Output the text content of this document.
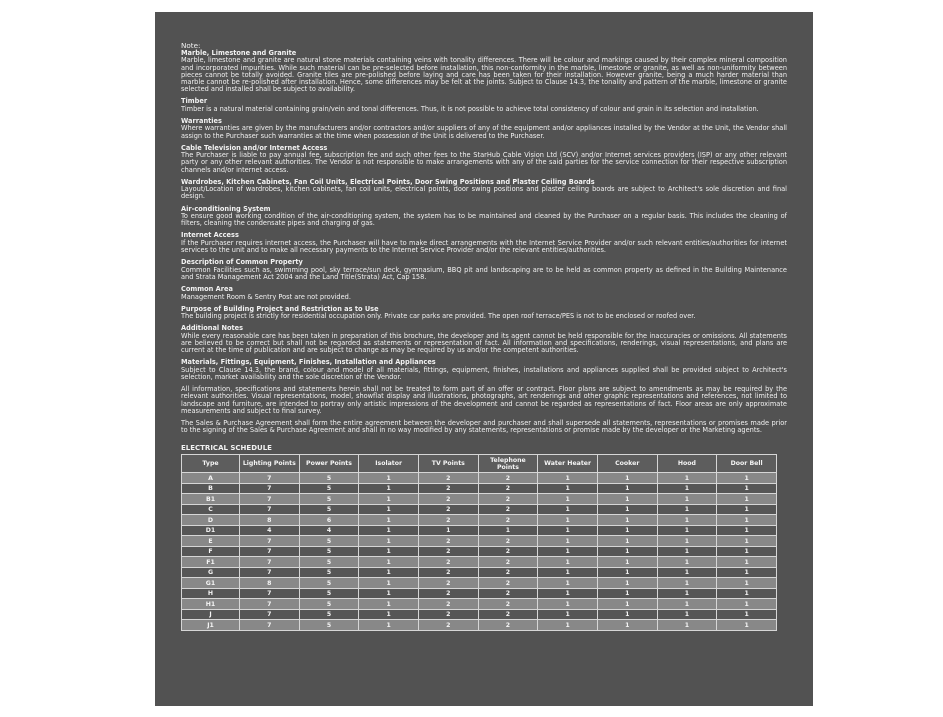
Note:
Marble, Limestone and Granite
Marble, limestone and granite are natural stone materials containing veins with tonality differences. There will be colour and markings caused by their complex mineral composition and incorporated impurities. While such material can be pre-selected before installation, this non-conformity in the marble, limestone or granite, as well as non-uniformity between pieces cannot be totally avoided. Granite tiles are pre-polished before laying and care has been taken for their installation. However granite, being a much harder material than marble cannot be re-polished after installation. Hence, some differences may be felt at the joints. Subject to Clause 14.3, the tonality and pattern of the marble, limestone or granite selected and installed shall be subject to availability.
Timber
Timber is a natural material containing grain/vein and tonal differences. Thus, it is not possible to achieve total consistency of colour and grain in its selection and installation.
Warranties
Where warranties are given by the manufacturers and/or contractors and/or suppliers of any of the equipment and/or appliances installed by the Vendor at the Unit, the Vendor shall assign to the Purchaser such warranties at the time when possession of the Unit is delivered to the Purchaser.
Cable Television and/or Internet Access
The Purchaser is liable to pay annual fee, subscription fee and such other fees to the StarHub Cable Vision Ltd (SCV) and/or Internet services providers (ISP) or any other relevant party or any other relevant authorities. The Vendor is not responsible to make arrangements with any of the said parties for the service connection for their respective subscription channels and/or internet access.
Wardrobes, Kitchen Cabinets, Fan Coil Units, Electrical Points, Door Swing Positions and Plaster Ceiling Boards
Layout/Location of wardrobes, kitchen cabinets, fan coil units, electrical points, door swing positions and plaster ceiling boards are subject to Architect's sole discretion and final design.
Air-conditioning System
To ensure good working condition of the air-conditioning system, the system has to be maintained and cleaned by the Purchaser on a regular basis. This includes the cleaning of filters, cleaning the condensate pipes and charging of gas.
Internet Access
If the Purchaser requires internet access, the Purchaser will have to make direct arrangements with the Internet Service Provider and/or such relevant entities/authorities for internet services to the unit and to make all necessary payments to the Internet Service Provider and/or the relevant entities/authorities.
Description of Common Property
Common Facilities such as, swimming pool, sky terrace/sun deck, gymnasium, BBQ pit and landscaping are to be held as common property as defined in the Building Maintenance and Strata Management Act 2004 and the Land Title(Strata) Act, Cap 158.
Common Area
Management Room & Sentry Post are not provided.
Purpose of Building Project and Restriction as to Use
The building project is strictly for residential occupation only. Private car parks are provided. The open roof terrace/PES is not to be enclosed or roofed over.
Additional Notes
While every reasonable care has been taken in preparation of this brochure, the developer and its agent cannot be held responsible for the inaccuracies or omissions. All statements are believed to be correct but shall not be regarded as statements or representation of fact. All information and specifications, renderings, visual representations, and plans are current at the time of publication and are subject to change as may be required by us and/or the competent authorities.
Materials, Fittings, Equipment, Finishes, Installation and Appliances
Subject to Clause 14.3, the brand, colour and model of all materials, fittings, equipment, finishes, installations and appliances supplied shall be provided subject to Architect's selection, market availability and the sole discretion of the Vendor.
All information, specifications and statements herein shall not be treated to form part of an offer or contract. Floor plans are subject to amendments as may be required by the relevant authorities. Visual representations, model, showflat display and illustrations, photographs, art renderings and other graphic representations and references, not limited to landscape and furniture, are intended to portray only artistic impressions of the development and cannot be regarded as representations of fact. Floor areas are only approximate measurements and subject to final survey.
The Sales & Purchase Agreement shall form the entire agreement between the developer and purchaser and shall supersede all statements, representations or promises made prior to the signing of the Sales & Purchase Agreement and shall in no way modified by any statements, representations or promise made by the developer or the Marketing agents.
ELECTRICAL SCHEDULE
Type	Lighting Points	Power Points	Isolator	TV Points	Telephone Points	Water Heater	Cooker	Hood	Door Bell
A	7	5	1	2	2	1	1	1	1
B	7	5	1	2	2	1	1	1	1
B1	7	5	1	2	2	1	1	1	1
C	7	5	1	2	2	1	1	1	1
D	8	6	1	2	2	1	1	1	1
D1	4	4	1	1	1	1	1	1	1
E	7	5	1	2	2	1	1	1	1
F	7	5	1	2	2	1	1	1	1
F1	7	5	1	2	2	1	1	1	1
G	7	5	1	2	2	1	1	1	1
G1	8	5	1	2	2	1	1	1	1
H	7	5	1	2	2	1	1	1	1
H1	7	5	1	2	2	1	1	1	1
J	7	5	1	2	2	1	1	1	1
J1	7	5	1	2	2	1	1	1	1
